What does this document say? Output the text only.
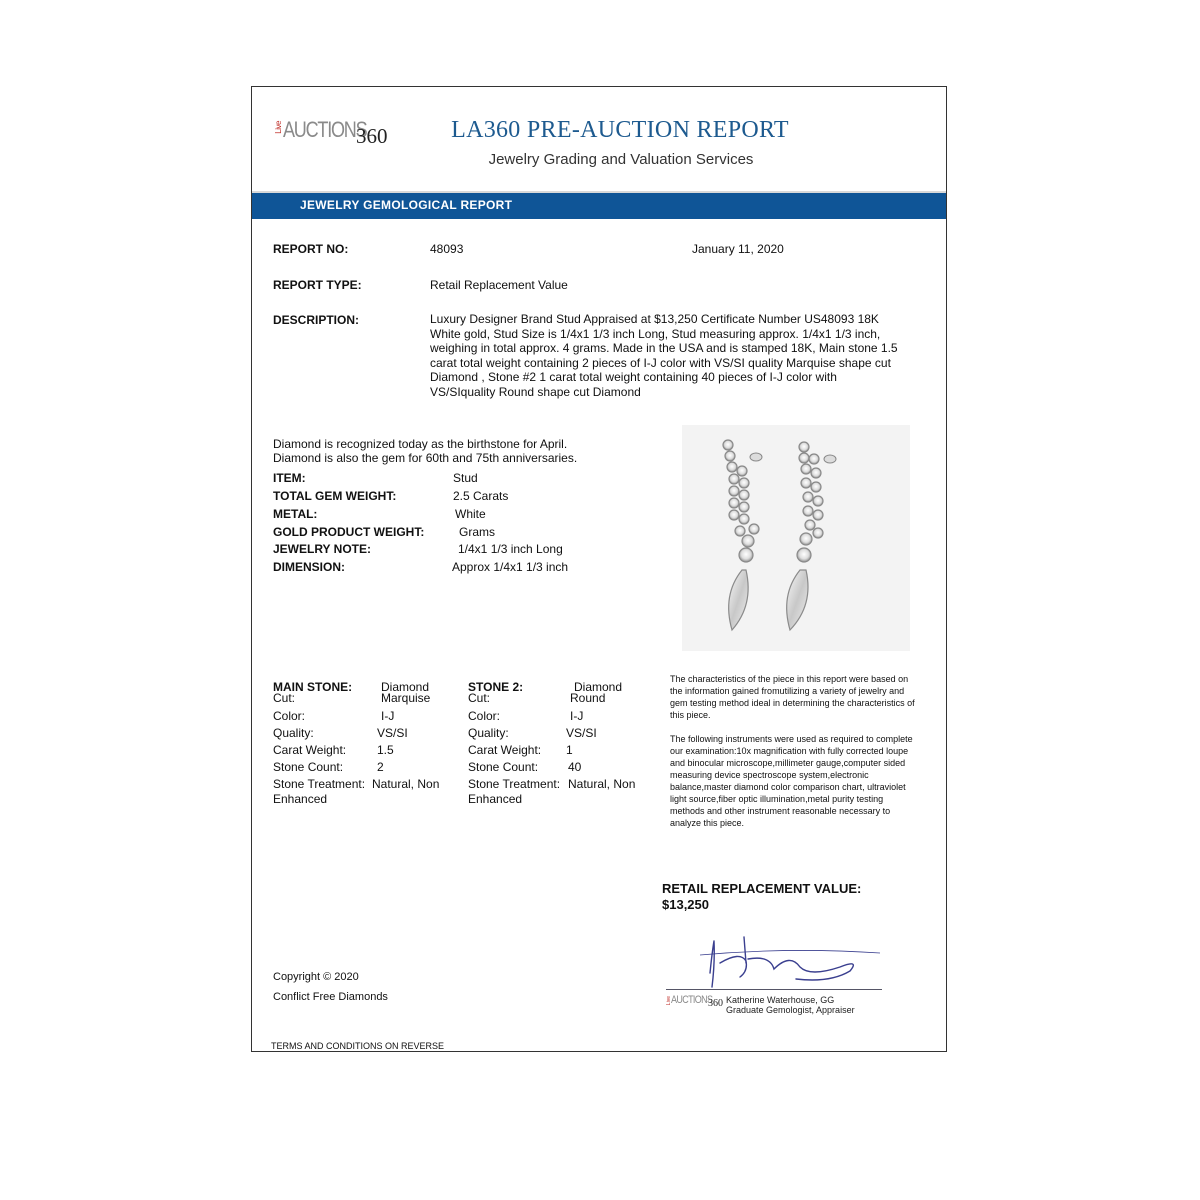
Live AUCTIONS
360	LA360 PRE-AUCTION REPORT
Jewelry Grading and Valuation Services
JEWELRY GEMOLOGICAL REPORT
REPORT NO:	48093	January 11, 2020
REPORT TYPE:	Retail Replacement Value
DESCRIPTION:	Luxury Designer Brand Stud Appraised at $13,250 Certificate Number US48093 18K White gold, Stud Size is 1/4x1 1/3 inch Long, Stud measuring approx. 1/4x1 1/3 inch, weighing in total approx. 4 grams. Made in the USA and is stamped 18K, Main stone 1.5 carat total weight containing 2 pieces of I-J color with VS/SI quality Marquise shape cut Diamond , Stone #2 1 carat total weight containing 40 pieces of I-J color with VS/SIquality Round shape cut Diamond
Diamond is recognized today as the birthstone for April.
Diamond is also the gem for 60th and 75th anniversaries.
ITEM:	Stud
TOTAL GEM WEIGHT:	2.5 Carats
METAL:	White
GOLD PRODUCT WEIGHT:	Grams
JEWELRY NOTE:	1/4x1 1/3 inch Long
DIMENSION:	Approx 1/4x1 1/3 inch
MAIN STONE: Diamond
Cut:	Marquise
Color:	I-J
Quality:	VS/SI
Carat Weight:	1.5
Stone Count:	2
Stone Treatment: Natural, Non
Enhanced
STONE 2:	Diamond
Cut:	Round
Color:	I-J
Quality:	VS/SI
Carat Weight: 1
Stone Count: 40
Stone Treatment: Natural, Non
Enhanced
The characteristics of the piece in this report were based on the information gained fromutilizing a variety of jewelry and gem testing method ideal in determining the characteristics of this piece.
The following instruments were used as required to complete our examination:10x magnification with fully corrected loupe and binocular microscope,millimeter gauge,computer sided measuring device spectroscope system,electronic balance,master diamond color comparison chart, ultraviolet light source,fiber optic illumination,metal purity testing methods and other instrument reasonable necessary to analyze this piece.
RETAIL REPLACEMENT VALUE:
$13,250
Live AUCTIONS
360 Katherine Waterhouse, GG
Graduate Gemologist, Appraiser
Copyright © 2020
Conflict Free Diamonds
TERMS AND CONDITIONS ON REVERSE
